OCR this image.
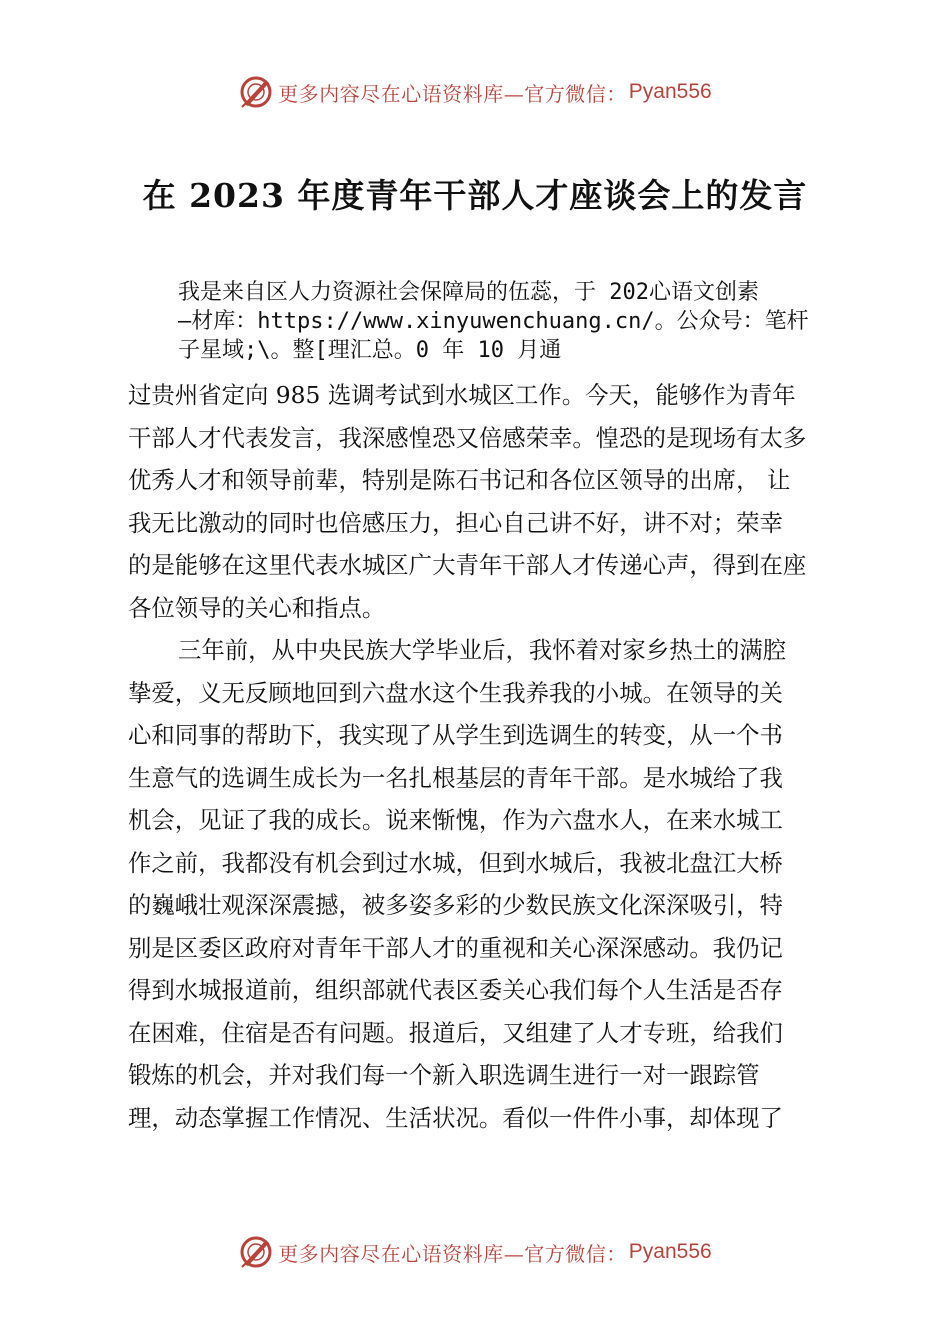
更多内容尽在心语资料库—官方微信： Pyan556
在 2023 年度青年干部人才座谈会上的发言
我是来自区人力资源社会保障局的伍蕊，于 202心语文创素
—材库：https://www.xinyuwenchuang.cn/。公众号：笔杆
子星域;\。整[理汇总。0 年 10 月通

过贵州省定向 985 选调考试到水城区工作。今天，能够作为青年
干部人才代表发言，我深感惶恐又倍感荣幸。惶恐的是现场有太多
优秀人才和领导前辈，特别是陈石书记和各位区领导的出席， 让
我无比激动的同时也倍感压力，担心自己讲不好，讲不对；荣幸
的是能够在这里代表水城区广大青年干部人才传递心声，得到在座
各位领导的关心和指点。

三年前，从中央民族大学毕业后，我怀着对家乡热土的满腔
挚爱，义无反顾地回到六盘水这个生我养我的小城。在领导的关
心和同事的帮助下，我实现了从学生到选调生的转变，从一个书
生意气的选调生成长为一名扎根基层的青年干部。是水城给了我
机会，见证了我的成长。说来惭愧，作为六盘水人，在来水城工
作之前，我都没有机会到过水城，但到水城后，我被北盘江大桥
的巍峨壮观深深震撼，被多姿多彩的少数民族文化深深吸引，特
别是区委区政府对青年干部人才的重视和关心深深感动。我仍记
得到水城报道前，组织部就代表区委关心我们每个人生活是否存
在困难，住宿是否有问题。报道后，又组建了人才专班，给我们
锻炼的机会，并对我们每一个新入职选调生进行一对一跟踪管
理，动态掌握工作情况、生活状况。看似一件件小事，却体现了

更多内容尽在心语资料库—官方微信： Pyan556
